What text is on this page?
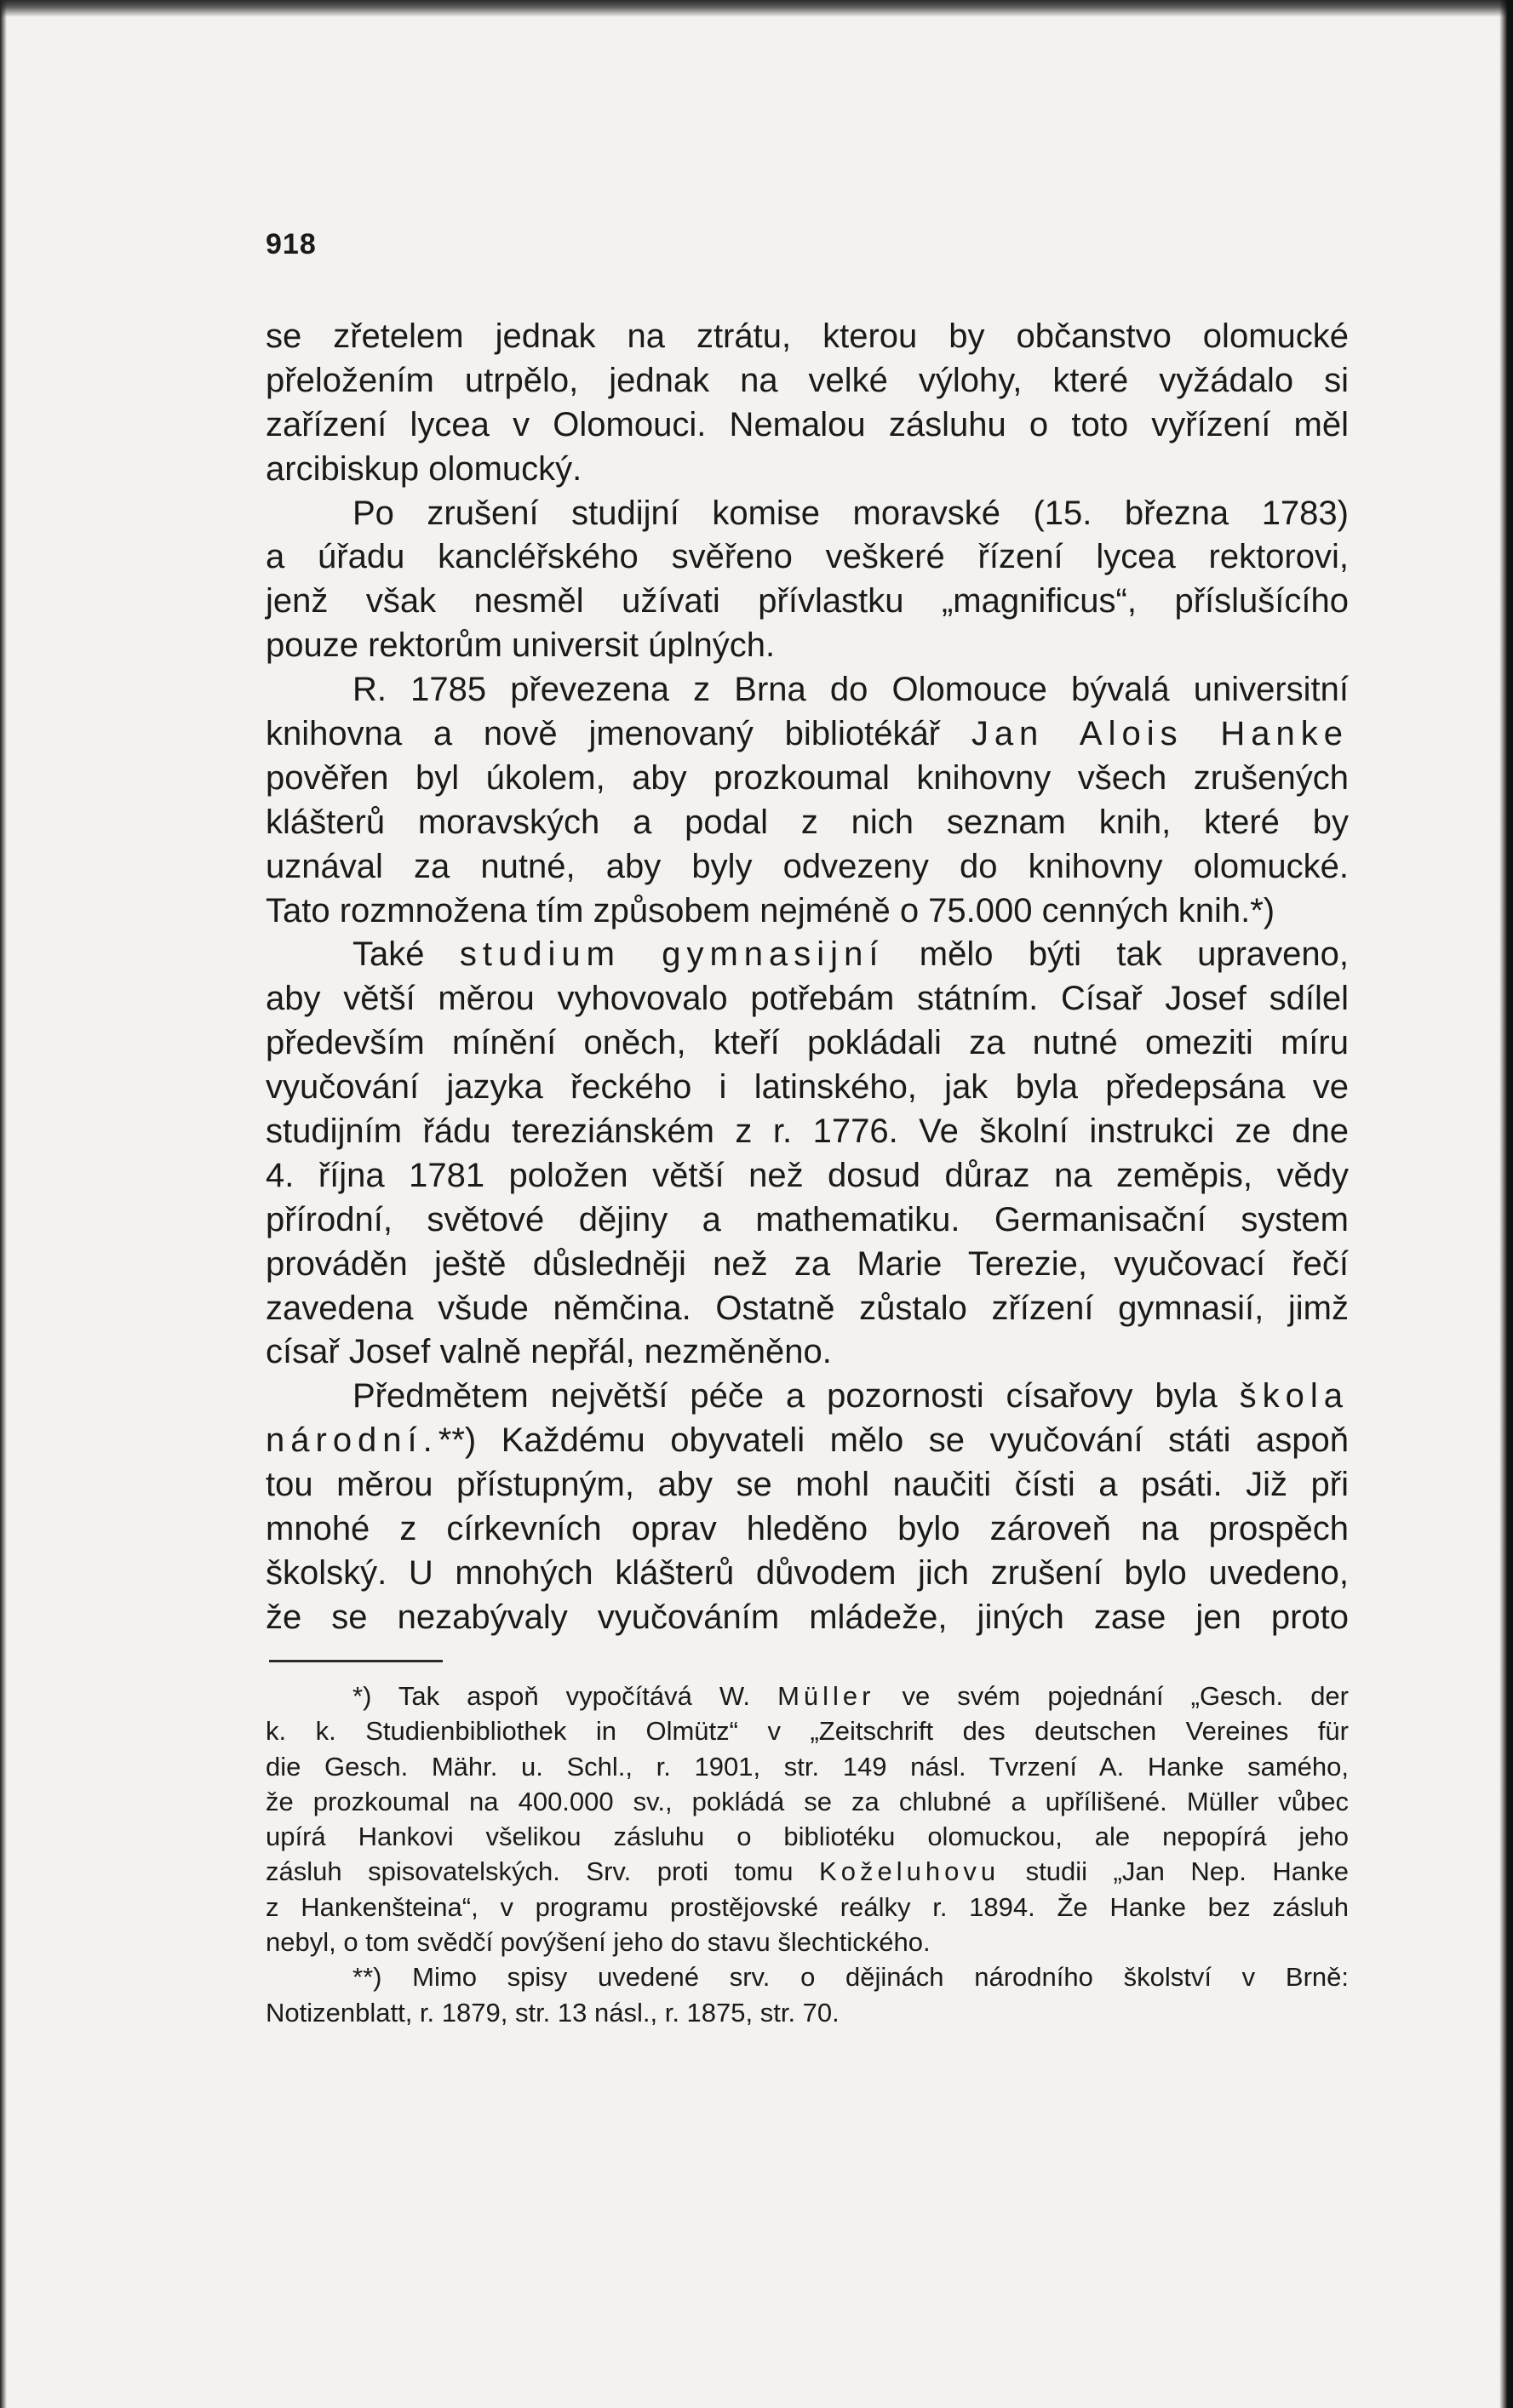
918
se zřetelem jednak na ztrátu, kterou by občanstvo olomucké
přeložením utrpělo, jednak na velké výlohy, které vyžádalo si
zařízení lycea v Olomouci. Nemalou zásluhu o toto vyřízení měl
arcibiskup olomucký.
Po zrušení studijní komise moravské (15. března 1783)
a úřadu kancléřského svěřeno veškeré řízení lycea rektorovi,
jenž však nesměl užívati přívlastku „magnificus“, příslušícího
pouze rektorům universit úplných.
R. 1785 převezena z Brna do Olomouce bývalá universitní
knihovna a nově jmenovaný bibliotékář Jan Alois Hanke
pověřen byl úkolem, aby prozkoumal knihovny všech zrušených
klášterů moravských a podal z nich seznam knih, které by
uznával za nutné, aby byly odvezeny do knihovny olomucké.
Tato rozmnožena tím způsobem nejméně o 75.000 cenných knih.*)
Také studium gymnasijní mělo býti tak upraveno,
aby větší měrou vyhovovalo potřebám státním. Císař Josef sdílel
především mínění oněch, kteří pokládali za nutné omeziti míru
vyučování jazyka řeckého i latinského, jak byla předepsána ve
studijním řádu tereziánském z r. 1776. Ve školní instrukci ze dne
4. října 1781 položen větší než dosud důraz na zeměpis, vědy
přírodní, světové dějiny a mathematiku. Germanisační system
prováděn ještě důsledněji než za Marie Terezie, vyučovací řečí
zavedena všude němčina. Ostatně zůstalo zřízení gymnasií, jimž
císař Josef valně nepřál, nezměněno.
Předmětem největší péče a pozornosti císařovy byla škola
národní.**) Každému obyvateli mělo se vyučování státi aspoň
tou měrou přístupným, aby se mohl naučiti čísti a psáti. Již při
mnohé z církevních oprav hleděno bylo zároveň na prospěch
školský. U mnohých klášterů důvodem jich zrušení bylo uvedeno,
že se nezabývaly vyučováním mládeže, jiných zase jen proto
*) Tak aspoň vypočítává W. Müller ve svém pojednání „Gesch. der
k. k. Studienbibliothek in Olmütz“ v „Zeitschrift des deutschen Vereines für
die Gesch. Mähr. u. Schl., r. 1901, str. 149 násl. Tvrzení A. Hanke samého,
že prozkoumal na 400.000 sv., pokládá se za chlubné a upřílišené. Müller vůbec
upírá Hankovi všelikou zásluhu o bibliotéku olomuckou, ale nepopírá jeho
zásluh spisovatelských. Srv. proti tomu Koželuhovu studii „Jan Nep. Hanke
z Hankenšteina“, v programu prostějovské reálky r. 1894. Že Hanke bez zásluh
nebyl, o tom svědčí povýšení jeho do stavu šlechtického.
**) Mimo spisy uvedené srv. o dějinách národního školství v Brně:
Notizenblatt, r. 1879, str. 13 násl., r. 1875, str. 70.
